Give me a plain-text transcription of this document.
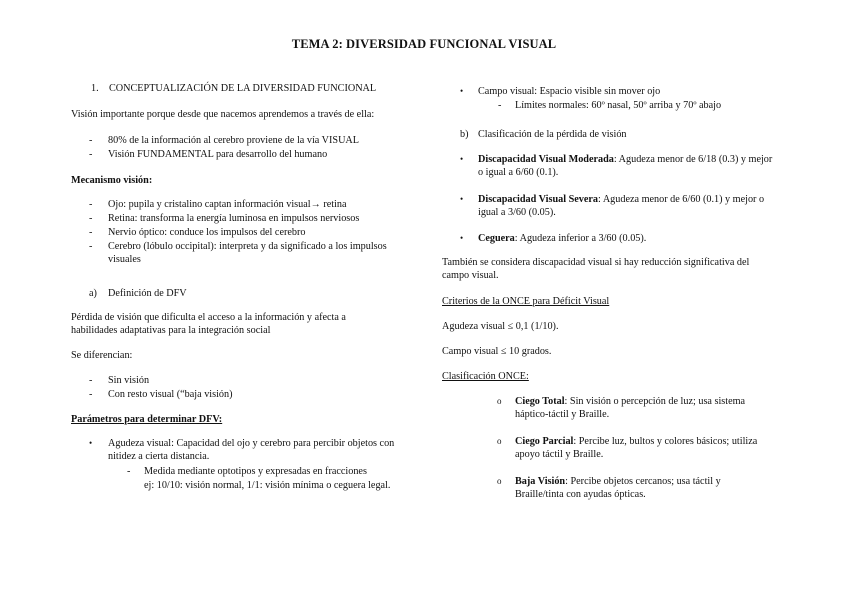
TEMA 2: DIVERSIDAD FUNCIONAL VISUAL
1. CONCEPTUALIZACIÓN DE LA DIVERSIDAD FUNCIONAL
Visión importante porque desde que nacemos aprendemos a través de ella:
- 80% de la información al cerebro proviene de la vía VISUAL
- Visión FUNDAMENTAL para desarrollo del humano
Mecanismo visión:
- Ojo: pupila y cristalino captan información visual→ retina
- Retina: transforma la energía luminosa en impulsos nerviosos
- Nervio óptico: conduce los impulsos del cerebro
- Cerebro (lóbulo occipital): interpreta y da significado a los impulsos visuales
a) Definición de DFV
Pérdida de visión que dificulta el acceso a la información y afecta a habilidades adaptativas para la integración social
Se diferencian:
- Sin visión
- Con resto visual (“baja visión)
Parámetros para determinar DFV:
• Agudeza visual: Capacidad del ojo y cerebro para percibir objetos con nitidez a cierta distancia.
- Medida mediante optotipos y expresadas en fracciones
ej: 10/10: visión normal, 1/1: visión mínima o ceguera legal.
• Campo visual: Espacio visible sin mover ojo
- Límites normales: 60º nasal, 50º arriba y 70º abajo
b) Clasificación de la pérdida de visión
• Discapacidad Visual Moderada: Agudeza menor de 6/18 (0.3) y mejor o igual a 6/60 (0.1).
• Discapacidad Visual Severa: Agudeza menor de 6/60 (0.1) y mejor o igual a 3/60 (0.05).
• Ceguera: Agudeza inferior a 3/60 (0.05).
También se considera discapacidad visual si hay reducción significativa del campo visual.
Criterios de la ONCE para Déficit Visual
Agudeza visual ≤ 0,1 (1/10).
Campo visual ≤ 10 grados.
Clasificación ONCE:
o Ciego Total: Sin visión o percepción de luz; usa sistema háptico-táctil y Braille.
o Ciego Parcial: Percibe luz, bultos y colores básicos; utiliza apoyo táctil y Braille.
o Baja Visión: Percibe objetos cercanos; usa táctil y Braille/tinta con ayudas ópticas.
